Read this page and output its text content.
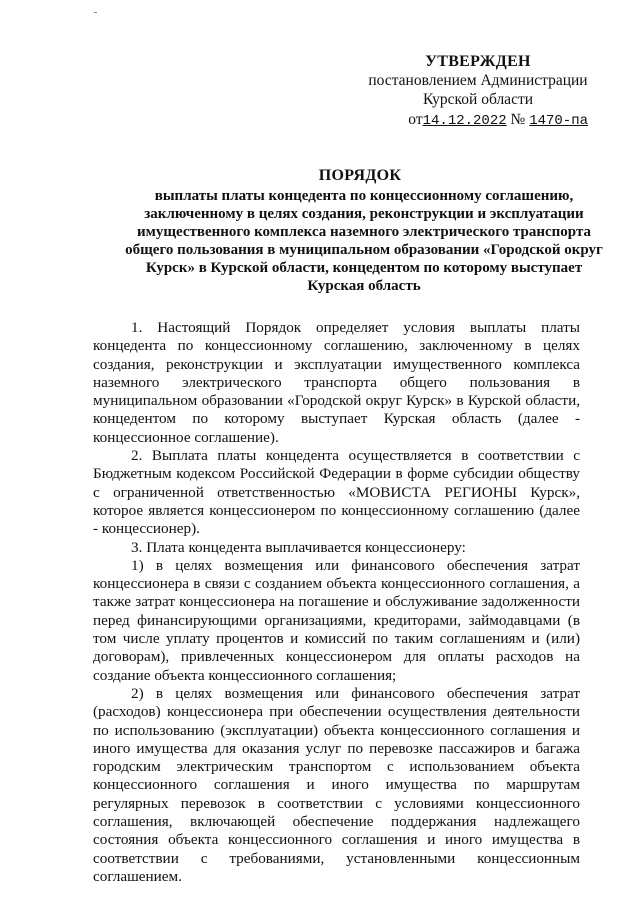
УТВЕРЖДЕН
постановлением Администрации
Курской области
от14.12.2022 № 1470-па
ПОРЯДОК
выплаты платы концедента по концессионному соглашению,
заключенному в целях создания, реконструкции и эксплуатации
имущественного комплекса наземного электрического транспорта
общего пользования в муниципальном образовании «Городской округ
Курск» в Курской области, концедентом по которому выступает
Курская область

1. Настоящий Порядок определяет условия выплаты платы концедента по концессионному соглашению, заключенному в целях создания, реконструкции и эксплуатации имущественного комплекса наземного электрического транспорта общего пользования в муниципальном образовании «Городской округ Курск» в Курской области, концедентом по которому выступает Курская область (далее - концессионное соглашение).

2. Выплата платы концедента осуществляется в соответствии с Бюджетным кодексом Российской Федерации в форме субсидии обществу с ограниченной ответственностью «МОВИСТА РЕГИОНЫ Курск», которое является концессионером по концессионному соглашению (далее - концессионер).

3. Плата концедента выплачивается концессионеру:

1) в целях возмещения или финансового обеспечения затрат концессионера в связи с созданием объекта концессионного соглашения, а также затрат концессионера на погашение и обслуживание задолженности перед финансирующими организациями, кредиторами, займодавцами (в том числе уплату процентов и комиссий по таким соглашениям и (или) договорам), привлеченных концессионером для оплаты расходов на создание объекта концессионного соглашения;

2) в целях возмещения или финансового обеспечения затрат (расходов) концессионера при обеспечении осуществления деятельности по использованию (эксплуатации) объекта концессионного соглашения и иного имущества для оказания услуг по перевозке пассажиров и багажа городским электрическим транспортом с использованием объекта концессионного соглашения и иного имущества по маршрутам регулярных перевозок в соответствии с условиями концессионного соглашения, включающей обеспечение поддержания надлежащего состояния объекта концессионного соглашения и иного имущества в соответствии с требованиями, установленными концессионным соглашением.
